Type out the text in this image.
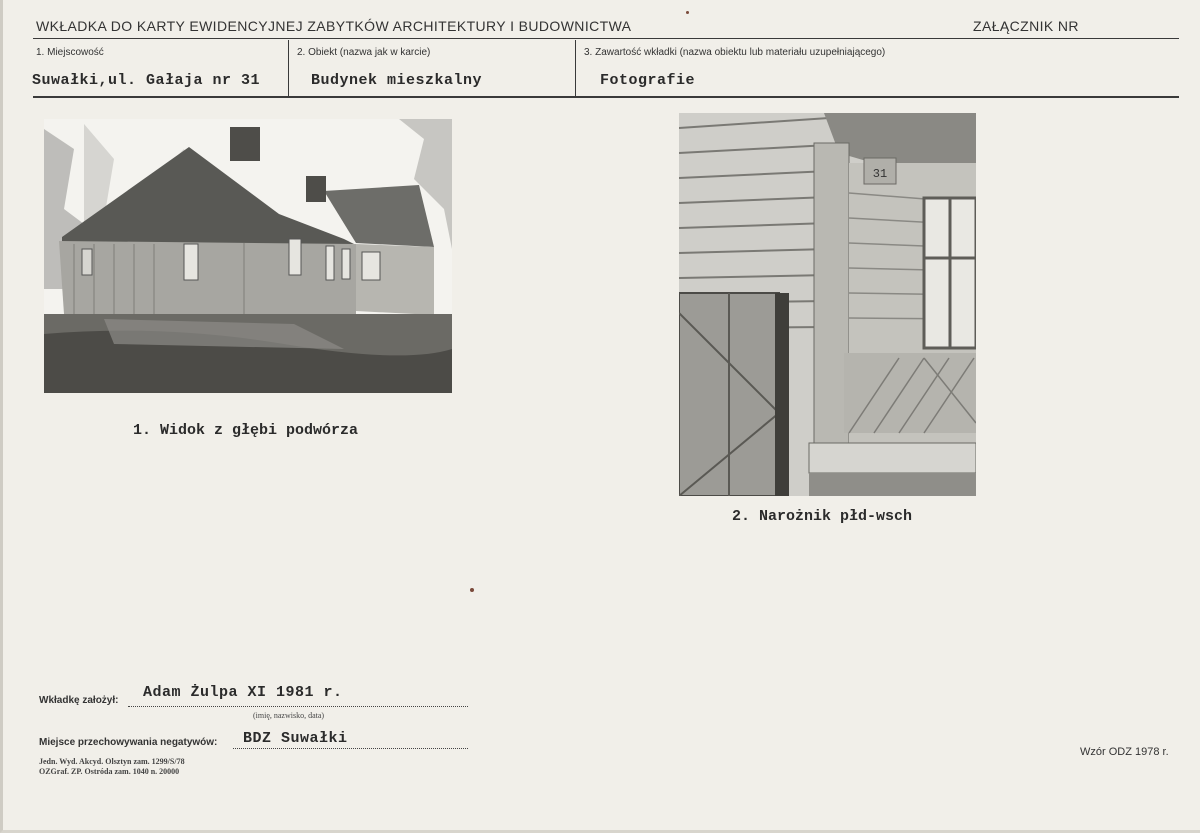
WKŁADKA DO KARTY EWIDENCYJNEJ ZABYTKÓW ARCHITEKTURY I BUDOWNICTWA	ZAŁĄCZNIK NR
1. Miejscowość
Suwałki,ul. Gałaja nr 31
2. Obiekt (nazwa jak w karcie)
Budynek mieszkalny
3. Zawartość wkładki (nazwa obiektu lub materiału uzupełniającego)
Fotografie
1. Widok z głębi podwórza
31
2. Narożnik płd-wsch
Wkładkę założył: Adam Żulpa XI 1981 r.
(imię, nazwisko, data)
Miejsce przechowywania negatywów: BDZ Suwałki
Jedn. Wyd. Akcyd. Olsztyn zam. 1299/S/78
OZGraf. ZP. Ostróda zam. 1040 n. 20000
Wzór ODZ 1978 r.
